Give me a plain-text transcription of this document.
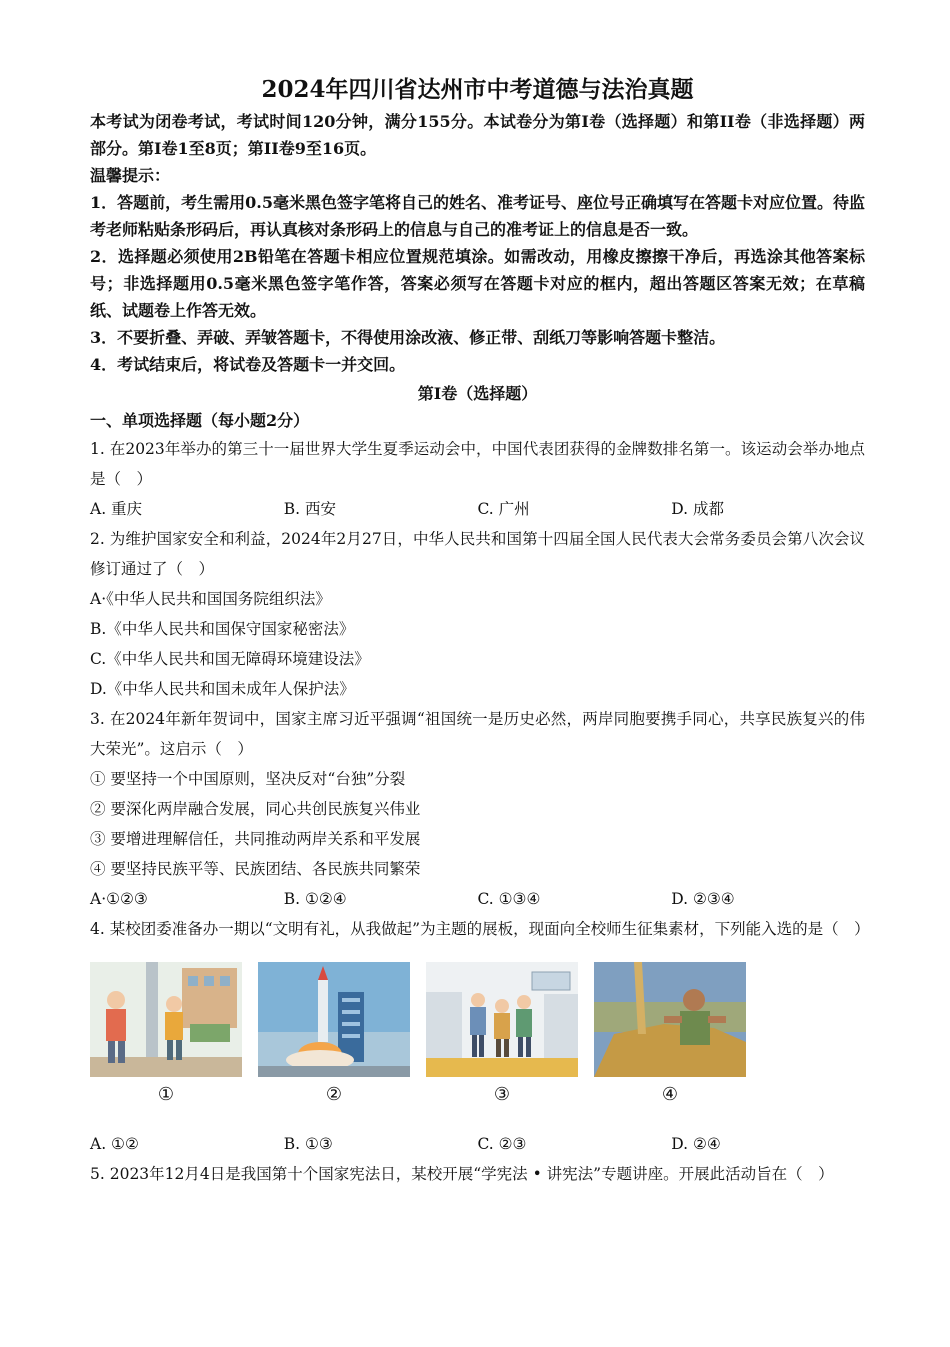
2024年四川省达州市中考道德与法治真题

本考试为闭卷考试，考试时间120分钟，满分155分。本试卷分为第I卷（选择题）和第II卷（非选择题）两部分。第I卷1至8页；第II卷9至16页。

温馨提示：

1．答题前，考生需用0.5毫米黑色签字笔将自己的姓名、准考证号、座位号正确填写在答题卡对应位置。待监考老师粘贴条形码后，再认真核对条形码上的信息与自己的准考证上的信息是否一致。

2．选择题必须使用2B铅笔在答题卡相应位置规范填涂。如需改动，用橡皮擦擦干净后，再选涂其他答案标号；非选择题用0.5毫米黑色签字笔作答，答案必须写在答题卡对应的框内，超出答题区答案无效；在草稿纸、试题卷上作答无效。

3．不要折叠、弄破、弄皱答题卡，不得使用涂改液、修正带、刮纸刀等影响答题卡整洁。

4．考试结束后，将试卷及答题卡一并交回。

第Ⅰ卷（选择题）

一、单项选择题（每小题2分）

1. 在2023年举办的第三十一届世界大学生夏季运动会中，中国代表团获得的金牌数排名第一。该运动会举办地点是（　）

A. 重庆	B. 西安	C. 广州	D. 成都

2. 为维护国家安全和利益，2024年2月27日，中华人民共和国第十四届全国人民代表大会常务委员会第八次会议修订通过了（　）

A·《中华人民共和国国务院组织法》

B.《中华人民共和国保守国家秘密法》

C.《中华人民共和国无障碍环境建设法》

D.《中华人民共和国未成年人保护法》

3. 在2024年新年贺词中，国家主席习近平强调“祖国统一是历史必然，两岸同胞要携手同心，共享民族复兴的伟大荣光”。这启示（　）

① 要坚持一个中国原则，坚决反对“台独”分裂

② 要深化两岸融合发展，同心共创民族复兴伟业

③ 要增进理解信任，共同推动两岸关系和平发展

④ 要坚持民族平等、民族团结、各民族共同繁荣

A·①②③	B. ①②④	C. ①③④	D. ②③④

4. 某校团委准备办一期以“文明有礼，从我做起”为主题的展板，现面向全校师生征集素材，下列能入选的是（　）

①	②	③	④
A. ①②	B. ①③	C. ②③	D. ②④

5. 2023年12月4日是我国第十个国家宪法日，某校开展“学宪法 • 讲宪法”专题讲座。开展此活动旨在（　）
